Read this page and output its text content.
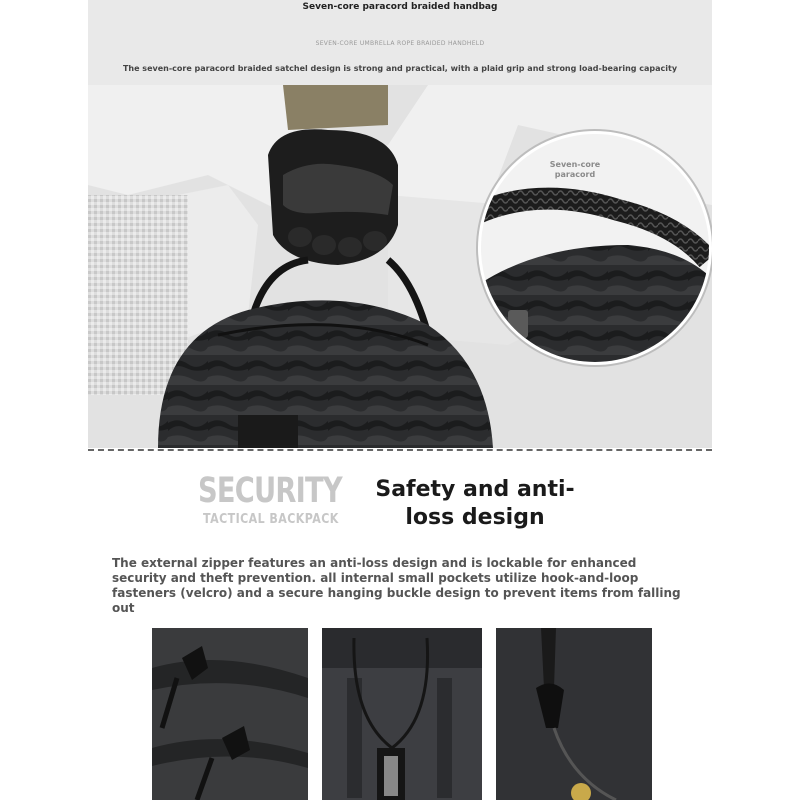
Seven-core paracord braided handbag
SEVEN-CORE UMBRELLA ROPE BRAIDED HANDHELD
The seven-core paracord braided satchel design is strong and practical, with a plaid grip and strong load-bearing capacity
Seven-core paracord
SECURITY
TACTICAL BACKPACK
Safety and anti-loss design
The external zipper features an anti-loss design and is lockable for enhanced security and theft prevention. all internal small pockets utilize hook-and-loop fasteners (velcro) and a secure hanging buckle design to prevent items from falling out
